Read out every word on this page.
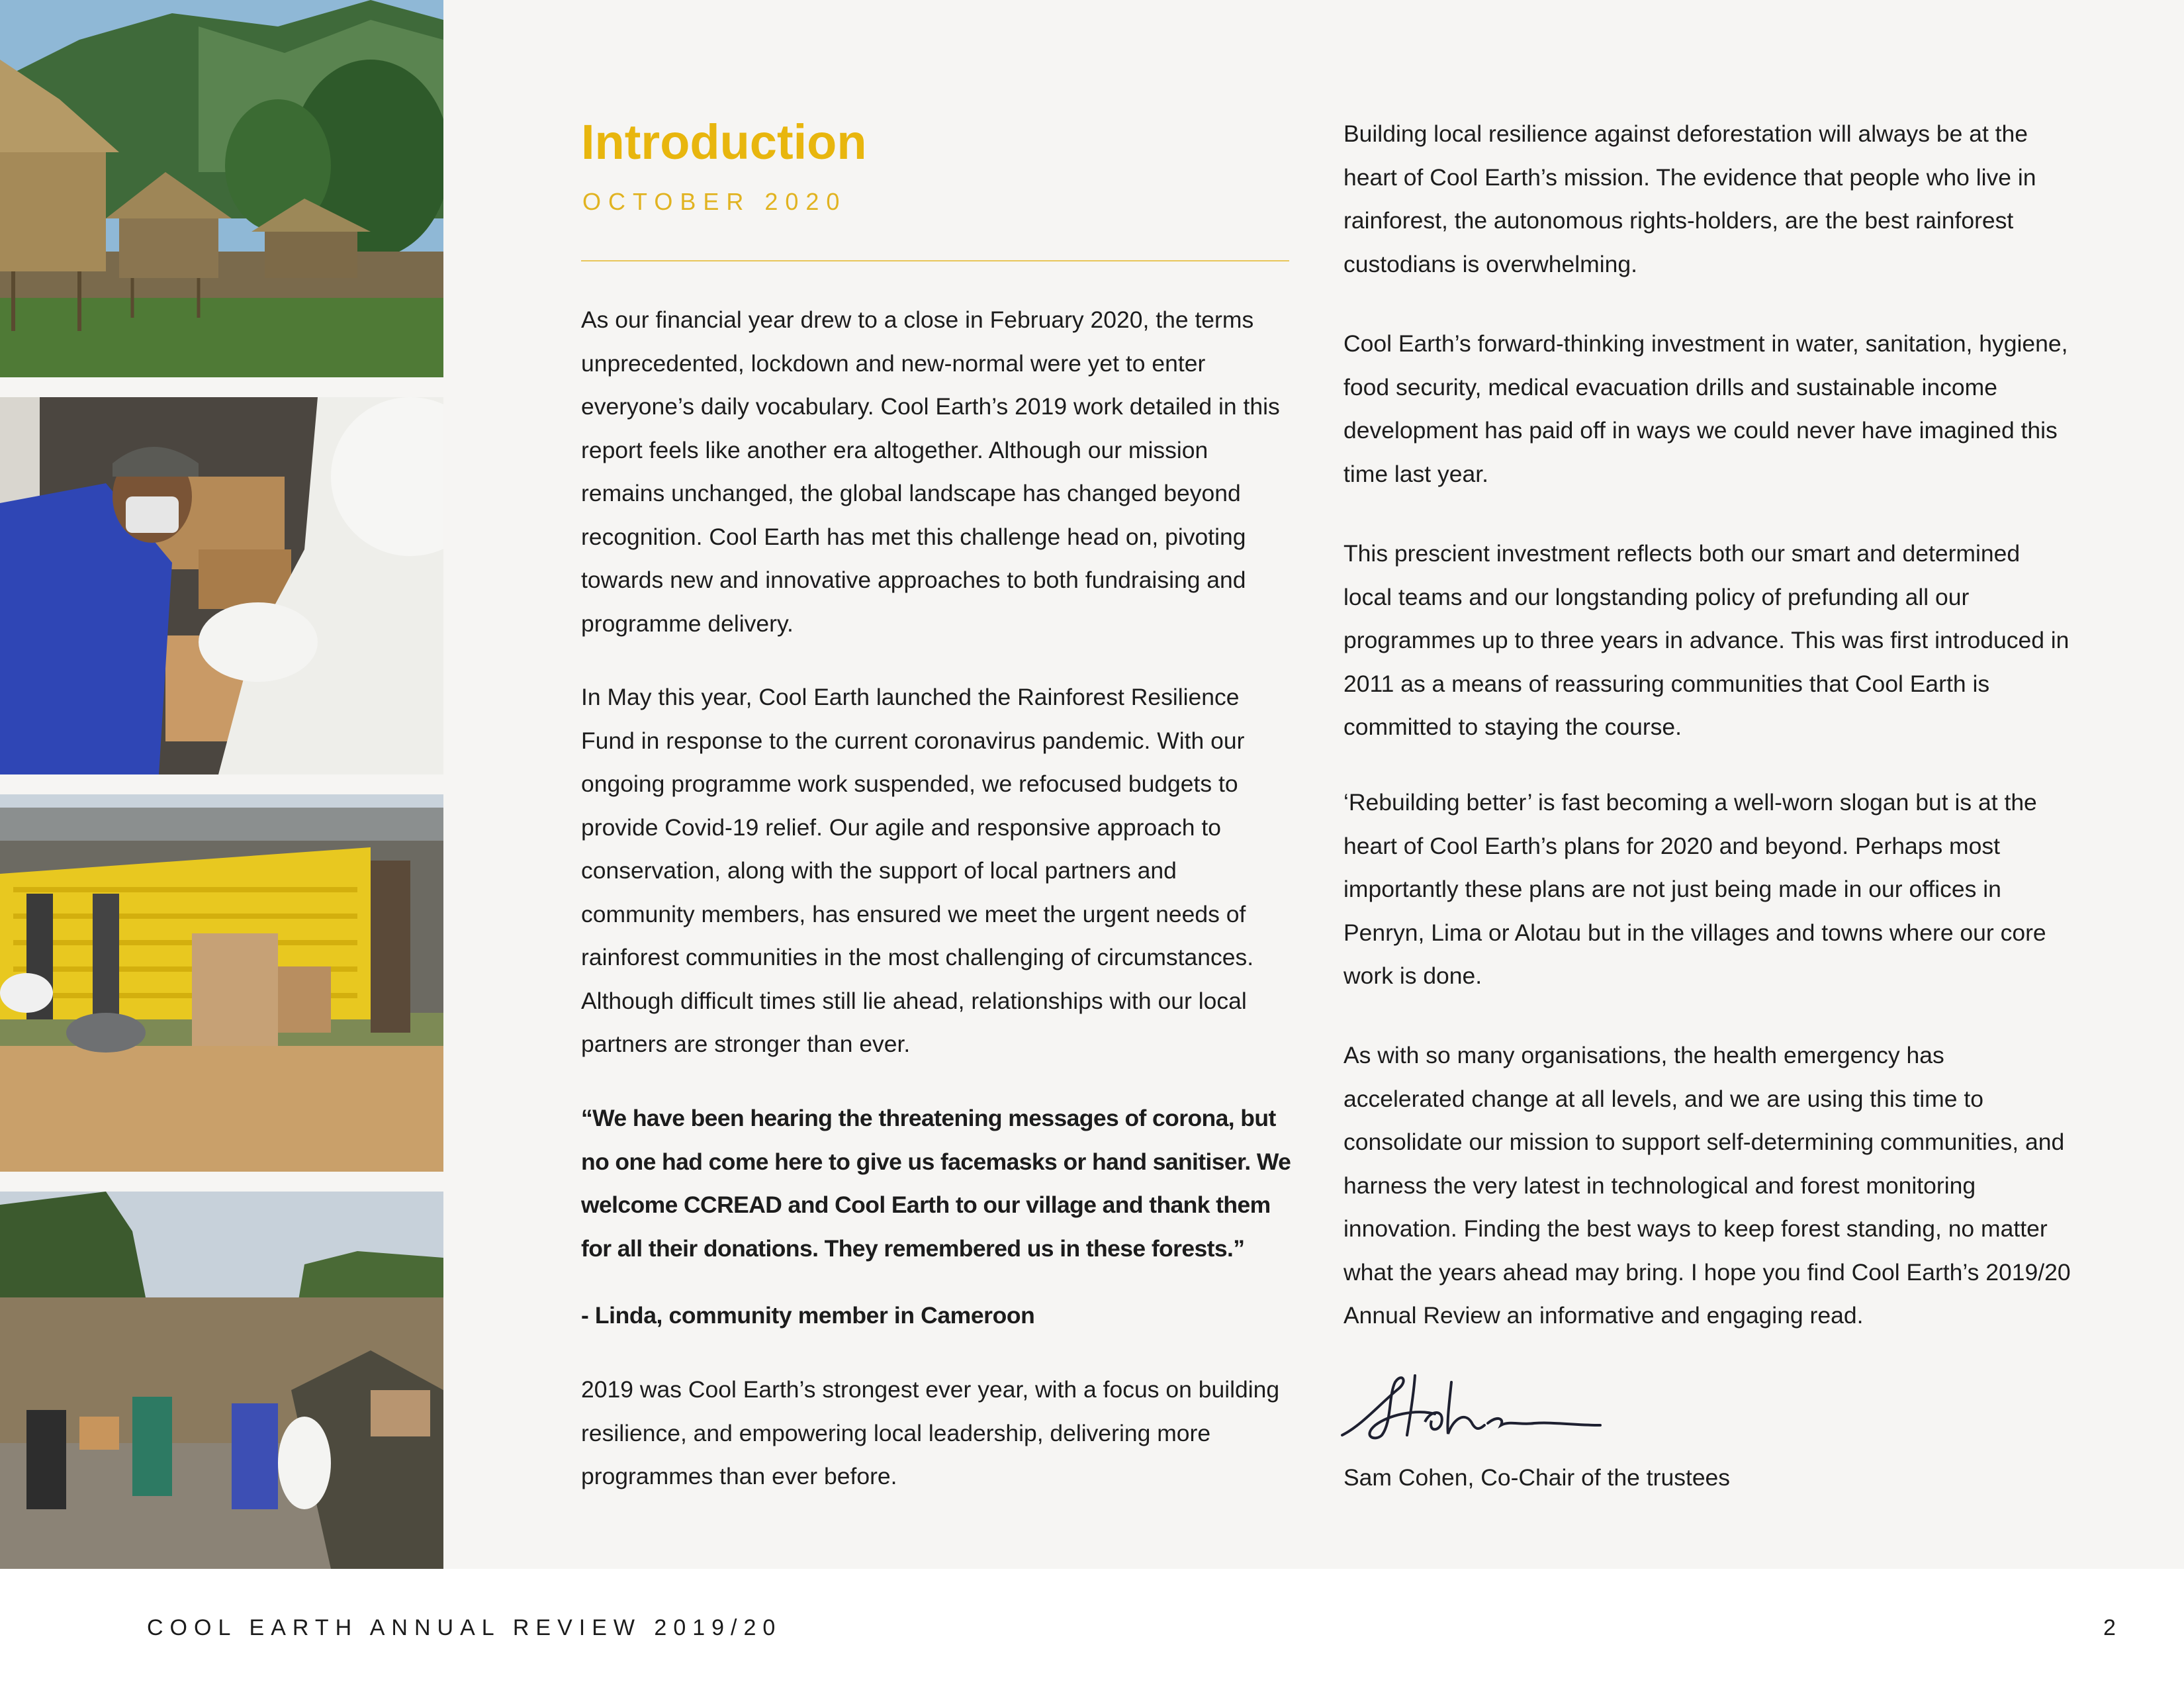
Introduction
OCTOBER 2020

As our financial year drew to a close in February 2020, the terms unprecedented, lockdown and new-normal were yet to enter everyone’s daily vocabulary. Cool Earth’s 2019 work detailed in this report feels like another era altogether. Although our mission remains unchanged, the global landscape has changed beyond recognition. Cool Earth has met this challenge head on, pivoting towards new and innovative approaches to both fundraising and programme delivery.

In May this year, Cool Earth launched the Rainforest Resilience Fund in response to the current coronavirus pandemic. With our ongoing programme work suspended, we refocused budgets to provide Covid-19 relief. Our agile and responsive approach to conservation, along with the support of local partners and community members, has ensured we meet the urgent needs of rainforest communities in the most challenging of circumstances. Although difficult times still lie ahead, relationships with our local partners are stronger than ever.

“We have been hearing the threatening messages of corona, but no one had come here to give us facemasks or hand sanitiser. We welcome CCREAD and Cool Earth to our village and thank them for all their donations. They remembered us in these forests.”

- Linda, community member in Cameroon

2019 was Cool Earth’s strongest ever year, with a focus on building resilience, and empowering local leadership, delivering more programmes than ever before.

Building local resilience against deforestation will always be at the heart of Cool Earth’s mission. The evidence that people who live in rainforest, the autonomous rights-holders, are the best rainforest custodians is overwhelming.

Cool Earth’s forward-thinking investment in water, sanitation, hygiene, food security, medical evacuation drills and sustainable income development has paid off in ways we could never have imagined this time last year.

This prescient investment reflects both our smart and determined local teams and our longstanding policy of prefunding all our programmes up to three years in advance. This was first introduced in 2011 as a means of reassuring communities that Cool Earth is committed to staying the course.

‘Rebuilding better’ is fast becoming a well-worn slogan but is at the heart of Cool Earth’s plans for 2020 and beyond. Perhaps most importantly these plans are not just being made in our offices in Penryn, Lima or Alotau but in the villages and towns where our core work is done.

As with so many organisations, the health emergency has accelerated change at all levels, and we are using this time to consolidate our mission to support self-determining communities, and harness the very latest in technological and forest monitoring innovation. Finding the best ways to keep forest standing, no matter what the years ahead may bring. I hope you find Cool Earth’s 2019/20 Annual Review an informative and engaging read.

Sam Cohen, Co-Chair of the trustees

COOL EARTH ANNUAL REVIEW 2019/20	2
